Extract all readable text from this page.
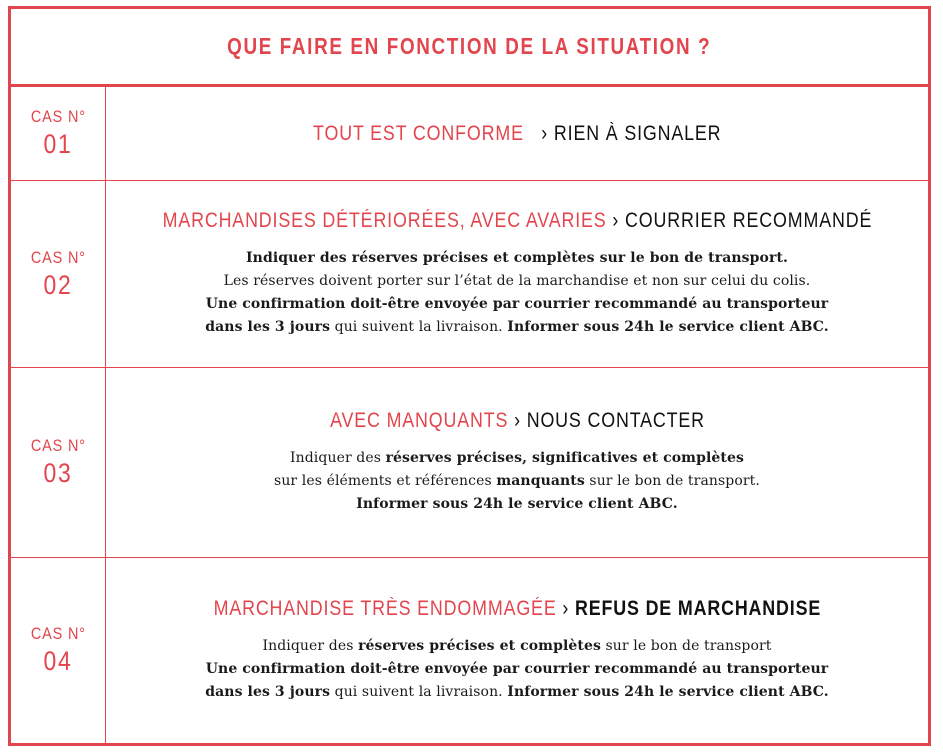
QUE FAIRE EN FONCTION DE LA SITUATION ?
CAS N°
01	TOUT EST CONFORME › RIEN À SIGNALER
CAS N°
02
MARCHANDISES DÉTÉRIORÉES, AVEC AVARIES › COURRIER RECOMMANDÉ
Indiquer des réserves précises et complètes sur le bon de transport.
Les réserves doivent porter sur l’état de la marchandise et non sur celui du colis.
Une confirmation doit-être envoyée par courrier recommandé au transporteur
dans les 3 jours qui suivent la livraison. Informer sous 24h le service client ABC.
CAS N°
03
AVEC MANQUANTS › NOUS CONTACTER
Indiquer des réserves précises, significatives et complètes
sur les éléments et références manquants sur le bon de transport.
Informer sous 24h le service client ABC.
CAS N°
04
MARCHANDISE TRÈS ENDOMMAGÉE › REFUS DE MARCHANDISE
Indiquer des réserves précises et complètes sur le bon de transport
Une confirmation doit-être envoyée par courrier recommandé au transporteur
dans les 3 jours qui suivent la livraison. Informer sous 24h le service client ABC.
